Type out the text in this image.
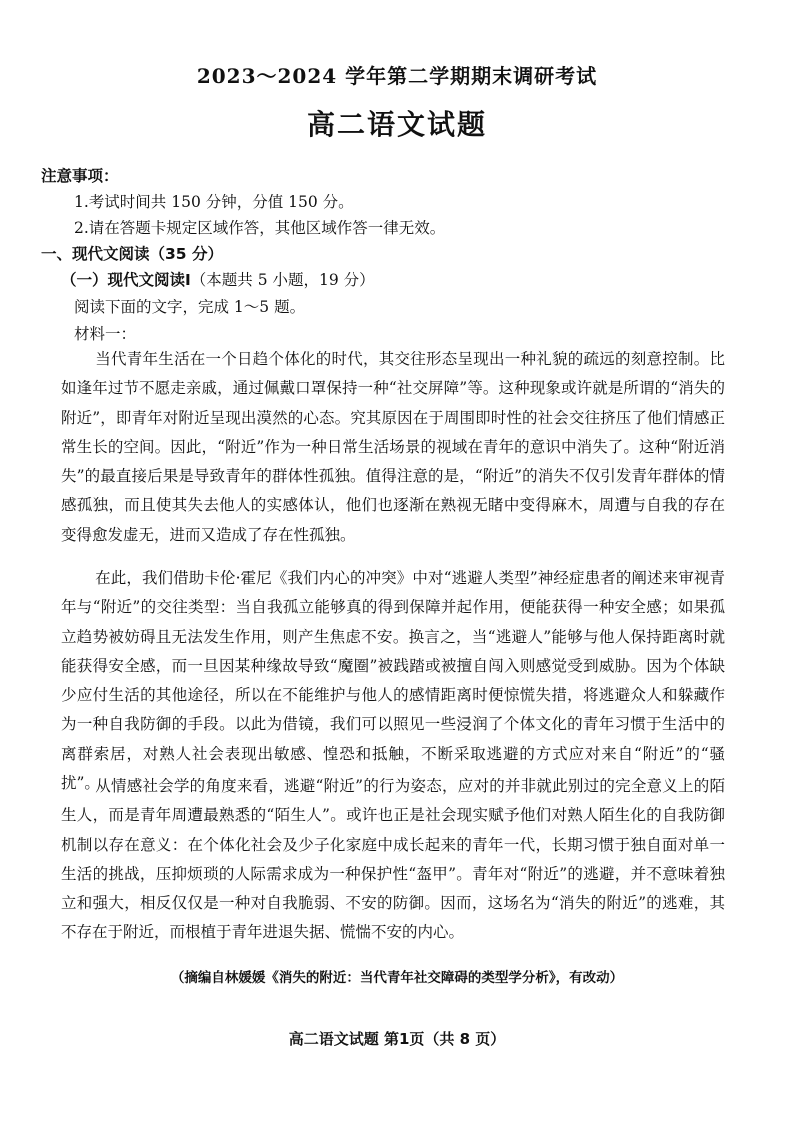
2023～2024 学年第二学期期末调研考试
高二语文试题
注意事项：
1.考试时间共 150 分钟，分值 150 分。
2.请在答题卡规定区域作答，其他区域作答一律无效。
一、现代文阅读（35 分）
（一）现代文阅读Ⅰ（本题共 5 小题，19 分）
阅读下面的文字，完成 1～5 题。
材料一：
当代青年生活在一个日趋个体化的时代，其交往形态呈现出一种礼貌的疏远的刻意控制。比如逢年过节不愿走亲戚，通过佩戴口罩保持一种“社交屏障”等。这种现象或许就是所谓的“消失的附近”，即青年对附近呈现出漠然的心态。究其原因在于周围即时性的社会交往挤压了他们情感正常生长的空间。因此，“附近”作为一种日常生活场景的视域在青年的意识中消失了。这种“附近消失”的最直接后果是导致青年的群体性孤独。值得注意的是，“附近”的消失不仅引发青年群体的情感孤独，而且使其失去他人的实感体认，他们也逐渐在熟视无睹中变得麻木，周遭与自我的存在变得愈发虚无，进而又造成了存在性孤独。
在此，我们借助卡伦·霍尼《我们内心的冲突》中对“逃避人类型”神经症患者的阐述来审视青年与“附近”的交往类型：当自我孤立能够真的得到保障并起作用，便能获得一种安全感；如果孤立趋势被妨碍且无法发生作用，则产生焦虑不安。换言之，当“逃避人”能够与他人保持距离时就能获得安全感，而一旦因某种缘故导致“魔圈”被践踏或被擅自闯入则感觉受到威胁。因为个体缺少应付生活的其他途径，所以在不能维护与他人的感情距离时便惊慌失措，将逃避众人和躲藏作为一种自我防御的手段。以此为借镜，我们可以照见一些浸润了个体文化的青年习惯于生活中的离群索居，对熟人社会表现出敏感、惶恐和抵触，不断采取逃避的方式应对来自“附近”的“骚扰”。
从情感社会学的角度来看，逃避“附近”的行为姿态，应对的并非就此别过的完全意义上的陌生人，而是青年周遭最熟悉的“陌生人”。或许也正是社会现实赋予他们对熟人陌生化的自我防御机制以存在意义：在个体化社会及少子化家庭中成长起来的青年一代，长期习惯于独自面对单一生活的挑战，压抑烦琐的人际需求成为一种保护性“盔甲”。青年对“附近”的逃避，并不意味着独立和强大，相反仅仅是一种对自我脆弱、不安的防御。因而，这场名为“消失的附近”的逃难，其不存在于附近，而根植于青年进退失据、慌惴不安的内心。
（摘编自林媛媛《消失的附近：当代青年社交障碍的类型学分析》，有改动）
高二语文试题 第1页（共 8 页）
